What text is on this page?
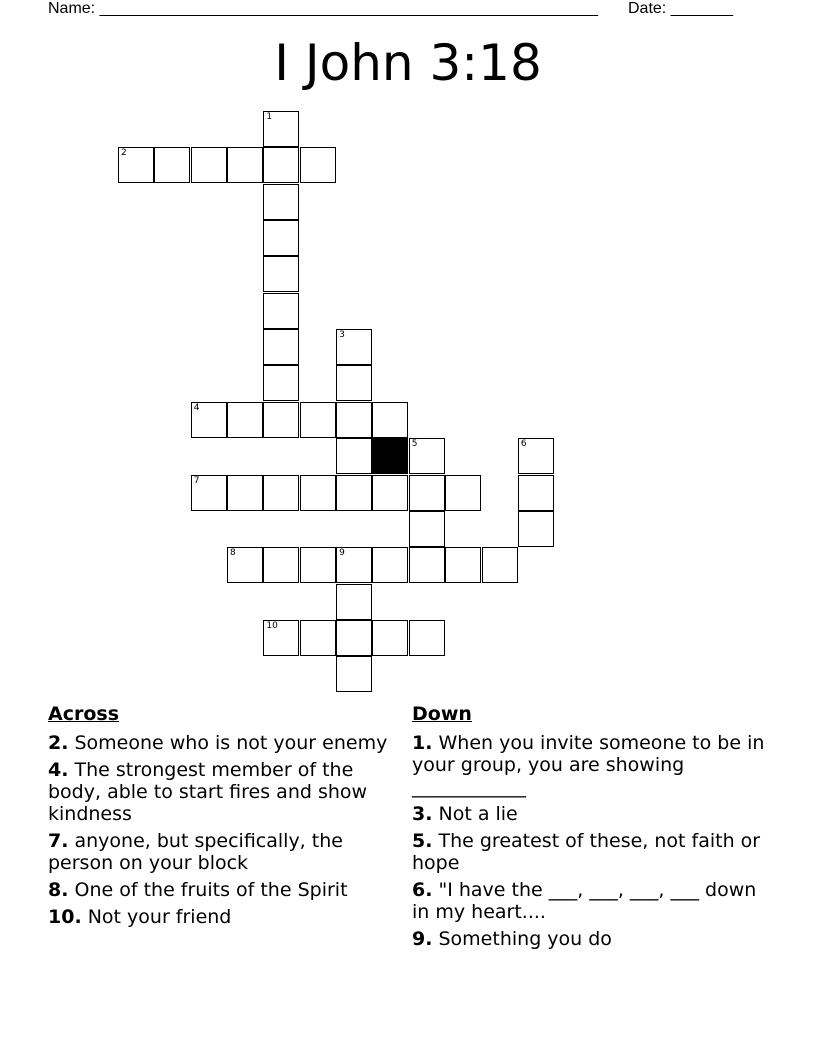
Name: ________________________________________________________ Date: _______
I John 3:18
1
2
3
4
5	6
7
8	9
10
Across
2. Someone who is not your enemy
4. The strongest member of the body, able to start fires and show kindness
7. anyone, but specifically, the person on your block
8. One of the fruits of the Spirit
10. Not your friend
Down
1. When you invite someone to be in your group, you are showing ____________
3. Not a lie
5. The greatest of these, not faith or hope
6. "I have the ___, ___, ___, ___ down in my heart....
9. Something you do
